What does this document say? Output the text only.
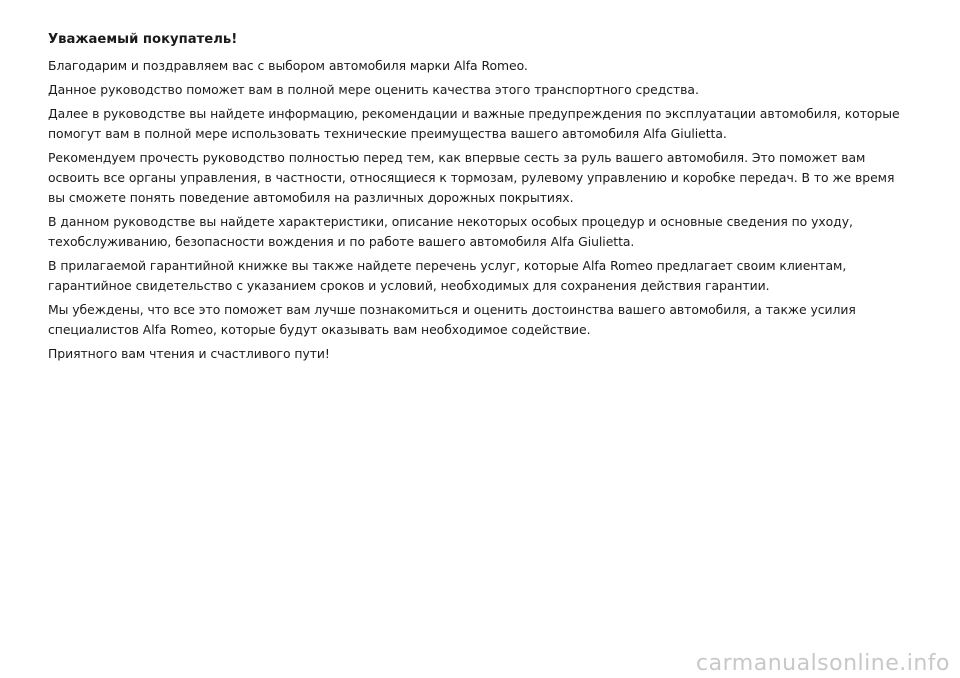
Уважаемый покупатель!

Благодарим и поздравляем вас с выбором автомобиля марки Alfa Romeo.

Данное руководство поможет вам в полной мере оценить качества этого транспортного средства.

Далее в руководстве вы найдете информацию, рекомендации и важные предупреждения по эксплуатации автомобиля, которые
помогут вам в полной мере использовать технические преимущества вашего автомобиля Alfa Giulietta.

Рекомендуем прочесть руководство полностью перед тем, как впервые сесть за руль вашего автомобиля. Это поможет вам
освоить все органы управления, в частности, относящиеся к тормозам, рулевому управлению и коробке передач. В то же время
вы сможете понять поведение автомобиля на различных дорожных покрытиях.

В данном руководстве вы найдете характеристики, описание некоторых особых процедур и основные сведения по уходу,
техобслуживанию, безопасности вождения и по работе вашего автомобиля Alfa Giulietta.

В прилагаемой гарантийной книжке вы также найдете перечень услуг, которые Alfa Romeo предлагает своим клиентам,
гарантийное свидетельство с указанием сроков и условий, необходимых для сохранения действия гарантии.

Мы убеждены, что все это поможет вам лучше познакомиться и оценить достоинства вашего автомобиля, а также усилия
специалистов Alfa Romeo, которые будут оказывать вам необходимое содействие.

Приятного вам чтения и счастливого пути!

carmanualsonline.info
